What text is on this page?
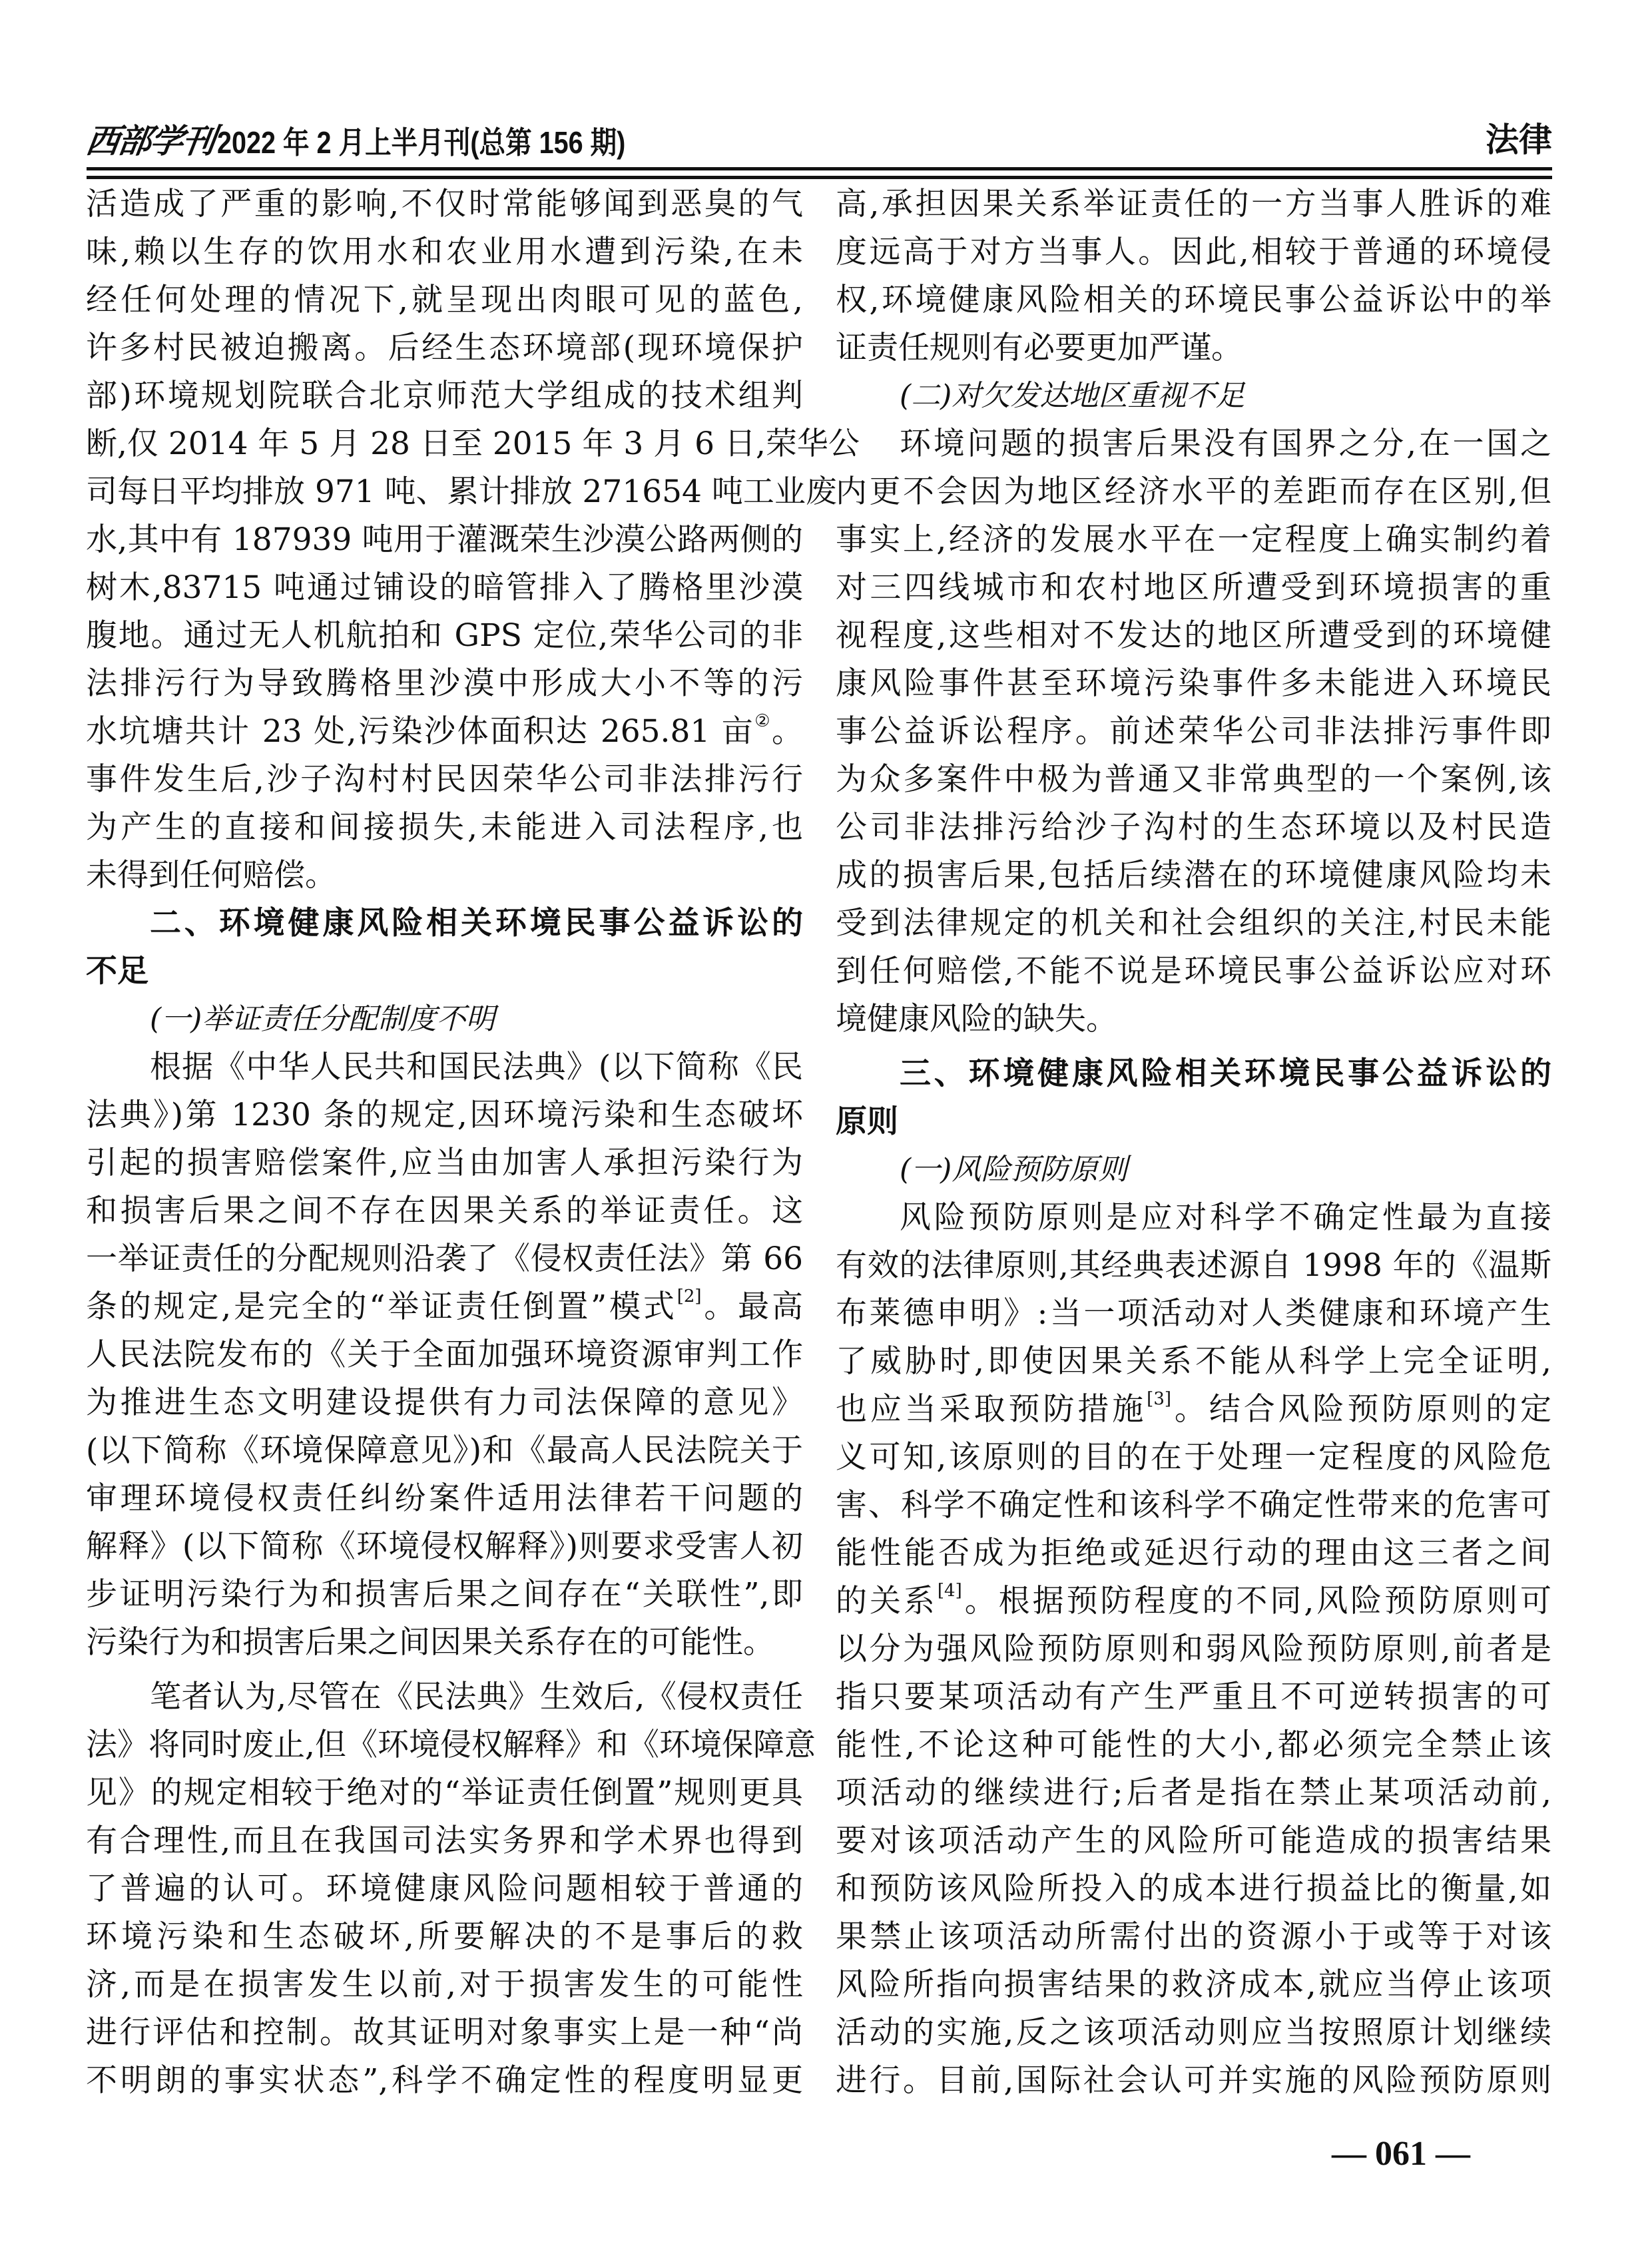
西部学刊 2022 年 2 月上半月刊(总第 156 期)	法律
活造成了严重的影响,不仅时常能够闻到恶臭的气
味,赖以生存的饮用水和农业用水遭到污染,在未
经任何处理的情况下,就呈现出肉眼可见的蓝色,
许多村民被迫搬离。后经生态环境部(现环境保护
部)环境规划院联合北京师范大学组成的技术组判
断,仅 2014 年 5 月 28 日至 2015 年 3 月 6 日,荣华公
司每日平均排放 971 吨、累计排放 271654 吨工业废
水,其中有 187939 吨用于灌溉荣生沙漠公路两侧的
树木,83715 吨通过铺设的暗管排入了腾格里沙漠
腹地。通过无人机航拍和 GPS 定位,荣华公司的非
法排污行为导致腾格里沙漠中形成大小不等的污
水坑塘共计 23 处,污染沙体面积达 265.81 亩②。
事件发生后,沙子沟村村民因荣华公司非法排污行
为产生的直接和间接损失,未能进入司法程序,也
未得到任何赔偿。
二、环境健康风险相关环境民事公益诉讼的
不足
(一)举证责任分配制度不明
根据《中华人民共和国民法典》(以下简称《民
法典》)第 1230 条的规定,因环境污染和生态破坏
引起的损害赔偿案件,应当由加害人承担污染行为
和损害后果之间不存在因果关系的举证责任。这
一举证责任的分配规则沿袭了《侵权责任法》第 66
条的规定,是完全的“举证责任倒置”模式[2]。最高
人民法院发布的《关于全面加强环境资源审判工作
为推进生态文明建设提供有力司法保障的意见》
(以下简称《环境保障意见》)和《最高人民法院关于
审理环境侵权责任纠纷案件适用法律若干问题的
解释》(以下简称《环境侵权解释》)则要求受害人初
步证明污染行为和损害后果之间存在“关联性”,即
污染行为和损害后果之间因果关系存在的可能性。
笔者认为,尽管在《民法典》生效后,《侵权责任
法》将同时废止,但《环境侵权解释》和《环境保障意
见》的规定相较于绝对的“举证责任倒置”规则更具
有合理性,而且在我国司法实务界和学术界也得到
了普遍的认可。环境健康风险问题相较于普通的
环境污染和生态破坏,所要解决的不是事后的救
济,而是在损害发生以前,对于损害发生的可能性
进行评估和控制。故其证明对象事实上是一种“尚
不明朗的事实状态”,科学不确定性的程度明显更
高,承担因果关系举证责任的一方当事人胜诉的难
度远高于对方当事人。因此,相较于普通的环境侵
权,环境健康风险相关的环境民事公益诉讼中的举
证责任规则有必要更加严谨。
(二)对欠发达地区重视不足
环境问题的损害后果没有国界之分,在一国之
内更不会因为地区经济水平的差距而存在区别,但
事实上,经济的发展水平在一定程度上确实制约着
对三四线城市和农村地区所遭受到环境损害的重
视程度,这些相对不发达的地区所遭受到的环境健
康风险事件甚至环境污染事件多未能进入环境民
事公益诉讼程序。前述荣华公司非法排污事件即
为众多案件中极为普通又非常典型的一个案例,该
公司非法排污给沙子沟村的生态环境以及村民造
成的损害后果,包括后续潜在的环境健康风险均未
受到法律规定的机关和社会组织的关注,村民未能
到任何赔偿,不能不说是环境民事公益诉讼应对环
境健康风险的缺失。
三、环境健康风险相关环境民事公益诉讼的
原则
(一)风险预防原则
风险预防原则是应对科学不确定性最为直接
有效的法律原则,其经典表述源自 1998 年的《温斯
布莱德申明》:当一项活动对人类健康和环境产生
了威胁时,即使因果关系不能从科学上完全证明,
也应当采取预防措施[3]。结合风险预防原则的定
义可知,该原则的目的在于处理一定程度的风险危
害、科学不确定性和该科学不确定性带来的危害可
能性能否成为拒绝或延迟行动的理由这三者之间
的关系[4]。根据预防程度的不同,风险预防原则可
以分为强风险预防原则和弱风险预防原则,前者是
指只要某项活动有产生严重且不可逆转损害的可
能性,不论这种可能性的大小,都必须完全禁止该
项活动的继续进行;后者是指在禁止某项活动前,
要对该项活动产生的风险所可能造成的损害结果
和预防该风险所投入的成本进行损益比的衡量,如
果禁止该项活动所需付出的资源小于或等于对该
风险所指向损害结果的救济成本,就应当停止该项
活动的实施,反之该项活动则应当按照原计划继续
进行。目前,国际社会认可并实施的风险预防原则
— 061 —
